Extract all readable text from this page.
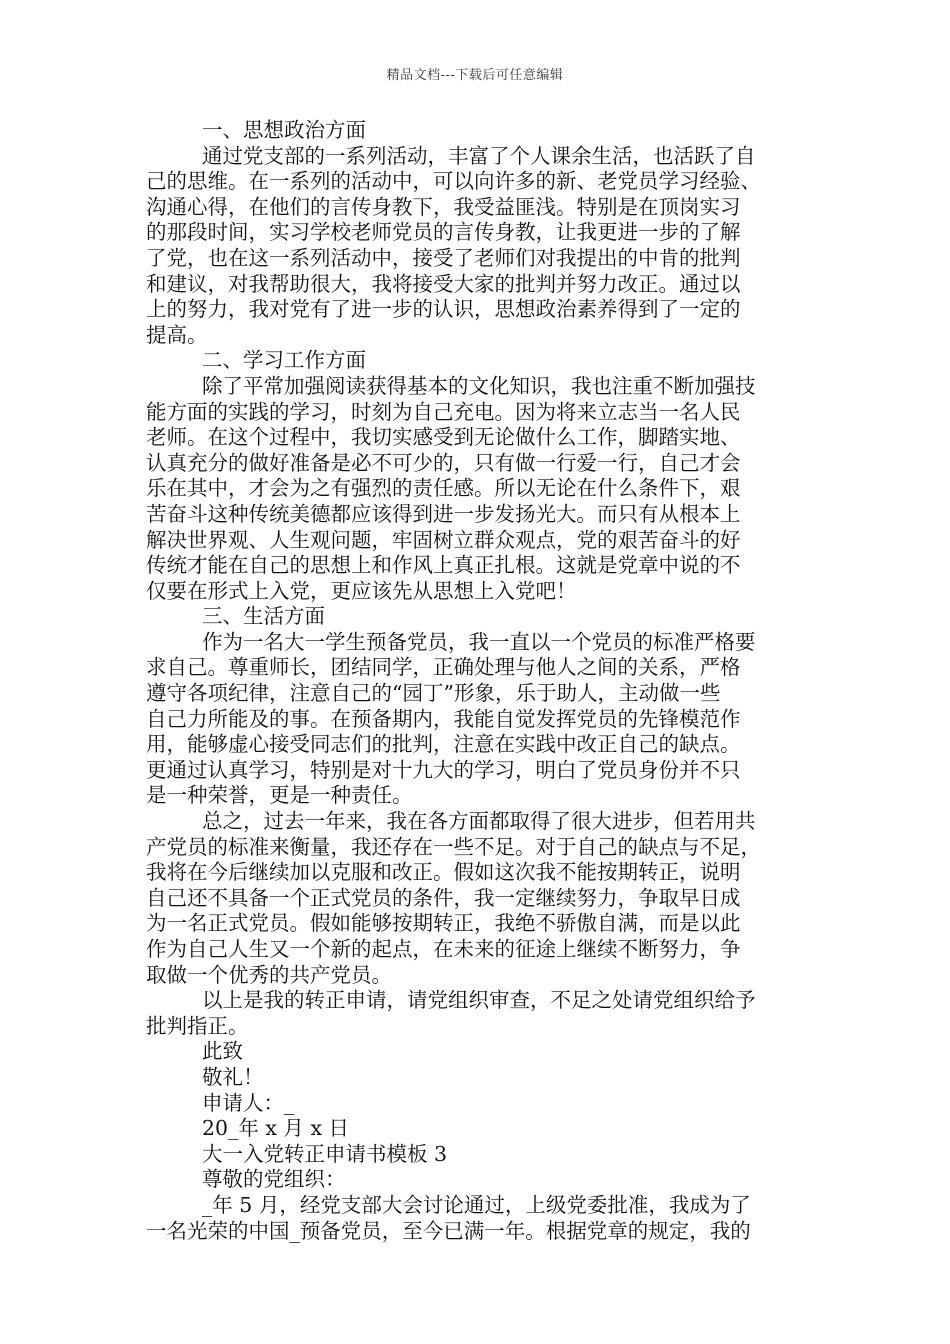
精品文档---下载后可任意编辑

一、思想政治方面

通过党支部的一系列活动，丰富了个人课余生活，也活跃了自

己的思维。在一系列的活动中，可以向许多的新、老党员学习经验、

沟通心得，在他们的言传身教下，我受益匪浅。特别是在顶岗实习

的那段时间，实习学校老师党员的言传身教，让我更进一步的了解

了党，也在这一系列活动中，接受了老师们对我提出的中肯的批判

和建议，对我帮助很大，我将接受大家的批判并努力改正。通过以

上的努力，我对党有了进一步的认识，思想政治素养得到了一定的

提高。

二、学习工作方面

除了平常加强阅读获得基本的文化知识，我也注重不断加强技

能方面的实践的学习，时刻为自己充电。因为将来立志当一名人民

老师。在这个过程中，我切实感受到无论做什么工作，脚踏实地、

认真充分的做好准备是必不可少的，只有做一行爱一行，自己才会

乐在其中，才会为之有强烈的责任感。所以无论在什么条件下，艰

苦奋斗这种传统美德都应该得到进一步发扬光大。而只有从根本上

解决世界观、人生观问题，牢固树立群众观点，党的艰苦奋斗的好

传统才能在自己的思想上和作风上真正扎根。这就是党章中说的不

仅要在形式上入党，更应该先从思想上入党吧！

三、生活方面

作为一名大一学生预备党员，我一直以一个党员的标准严格要

求自己。尊重师长，团结同学，正确处理与他人之间的关系，严格

遵守各项纪律，注意自己的“园丁”形象，乐于助人，主动做一些

自己力所能及的事。在预备期内，我能自觉发挥党员的先锋模范作

用，能够虚心接受同志们的批判，注意在实践中改正自己的缺点。

更通过认真学习，特别是对十九大的学习，明白了党员身份并不只

是一种荣誉，更是一种责任。

总之，过去一年来，我在各方面都取得了很大进步，但若用共

产党员的标准来衡量，我还存在一些不足。对于自己的缺点与不足，

我将在今后继续加以克服和改正。假如这次我不能按期转正，说明

自己还不具备一个正式党员的条件，我一定继续努力，争取早日成

为一名正式党员。假如能够按期转正，我绝不骄傲自满，而是以此

作为自己人生又一个新的起点，在未来的征途上继续不断努力，争

取做一个优秀的共产党员。

以上是我的转正申请，请党组织审查，不足之处请党组织给予

批判指正。

此致

敬礼！

申请人：_

20_年 x 月 x 日

大一入党转正申请书模板 3

尊敬的党组织：

_年 5 月，经党支部大会讨论通过，上级党委批准，我成为了

一名光荣的中国_预备党员，至今已满一年。根据党章的规定，我的
